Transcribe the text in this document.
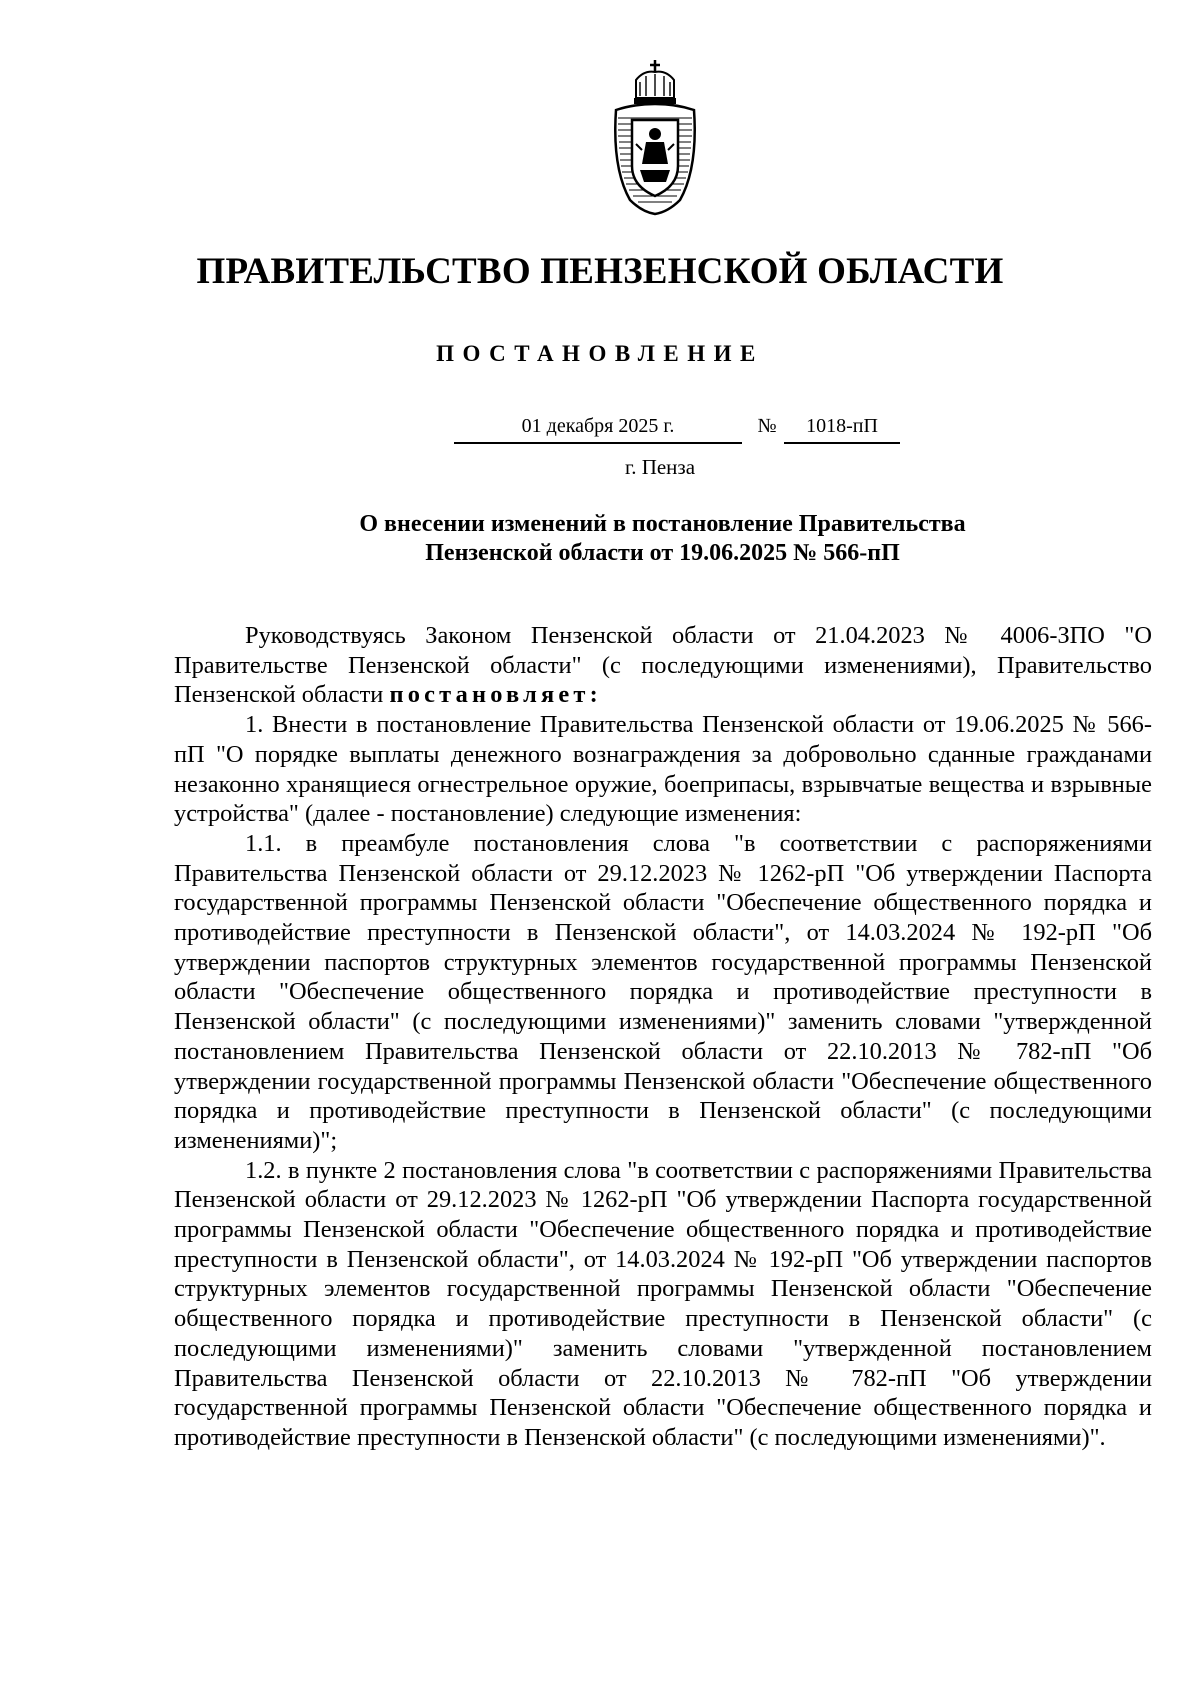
ПРАВИТЕЛЬСТВО ПЕНЗЕНСКОЙ ОБЛАСТИ
ПОСТАНОВЛЕНИЕ
01 декабря 2025 г.	№	1018-пП
г. Пенза
О внесении изменений в постановление Правительства
Пензенской области от 19.06.2025 № 566-пП

Руководствуясь Законом Пензенской области от 21.04.2023 № 4006-ЗПО "О Правительстве Пензенской области" (с последующими изменениями), Правительство Пензенской области постановляет:

1. Внести в постановление Правительства Пензенской области от 19.06.2025 № 566-пП "О порядке выплаты денежного вознаграждения за добровольно сданные гражданами незаконно хранящиеся огнестрельное оружие, боеприпасы, взрывчатые вещества и взрывные устройства" (далее - постановление) следующие изменения:

1.1. в преамбуле постановления слова "в соответствии с распоряжениями Правительства Пензенской области от 29.12.2023 № 1262-рП "Об утверждении Паспорта государственной программы Пензенской области "Обеспечение общественного порядка и противодействие преступности в Пензенской области", от 14.03.2024 № 192-рП "Об утверждении паспортов структурных элементов государственной программы Пензенской области "Обеспечение общественного порядка и противодействие преступности в Пензенской области" (с последующими изменениями)" заменить словами "утвержденной постановлением Правительства Пензенской области от 22.10.2013 № 782-пП "Об утверждении государственной программы Пензенской области "Обеспечение общественного порядка и противодействие преступности в Пензенской области" (с последующими изменениями)";

1.2. в пункте 2 постановления слова "в соответствии с распоряжениями Правительства Пензенской области от 29.12.2023 № 1262-рП "Об утверждении Паспорта государственной программы Пензенской области "Обеспечение общественного порядка и противодействие преступности в Пензенской области", от 14.03.2024 № 192-рП "Об утверждении паспортов структурных элементов государственной программы Пензенской области "Обеспечение общественного порядка и противодействие преступности в Пензенской области" (с последующими изменениями)" заменить словами "утвержденной постановлением Правительства Пензенской области от 22.10.2013 № 782-пП "Об утверждении государственной программы Пензенской области "Обеспечение общественного порядка и противодействие преступности в Пензенской области" (с последующими изменениями)".
